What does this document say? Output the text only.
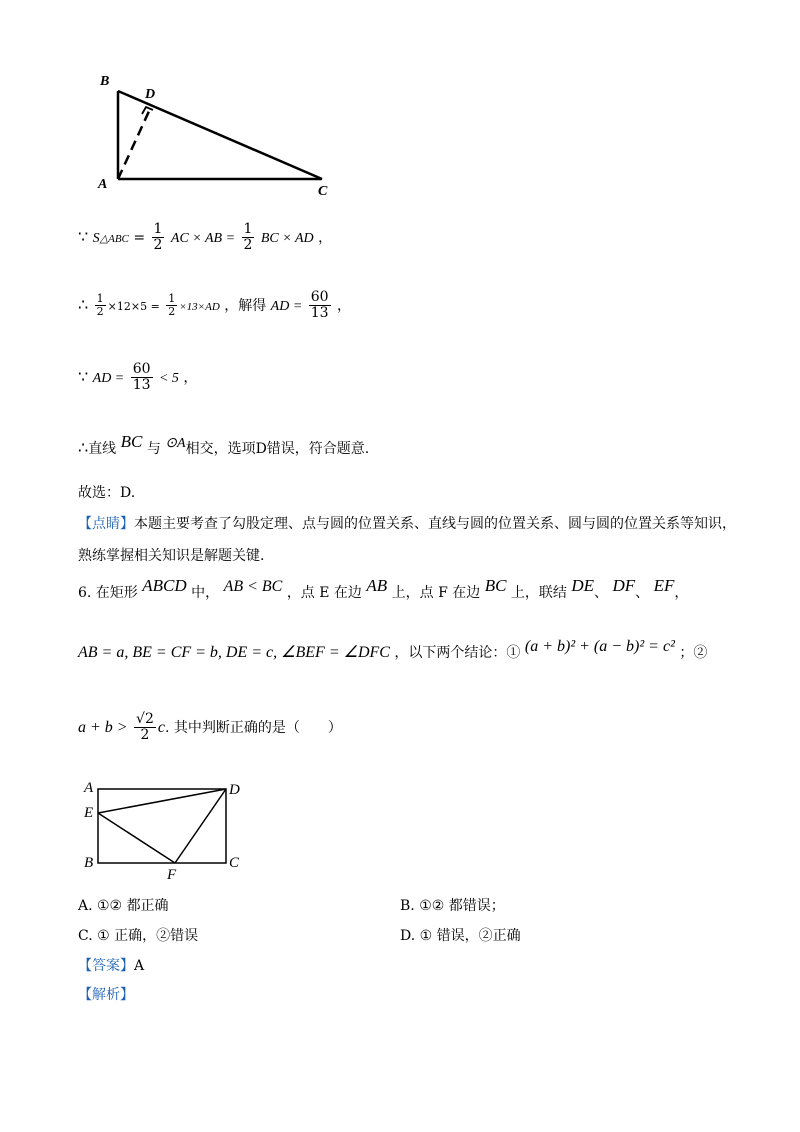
B
D
A	C
∵ S△ABC = $\frac{1}{2}$ AC × AB = $\frac{1}{2}$ BC × AD ，
∴ $\frac{1}{2} \times 12\times 5 = \frac{1}{2} \times 13\times AD$ ，解得 AD = $\frac{60}{13}$ ，
∵ AD = $\frac{60}{13} < 5$ ，
∴直线 BC 与 ⊙A相交，选项D错误，符合题意.
故选：D.
【点睛】本题主要考查了勾股定理、点与圆的位置关系、直线与圆的位置关系、圆与圆的位置关系等知识，
熟练掌握相关知识是解题关键.
6. 在矩形 ABCD 中， AB < BC ，点 E 在边 AB 上，点 F 在边 BC 上，联结 DE、 DF、 EF，
AB = a, BE = CF = b, DE = c, ∠BEF = ∠DFC ，以下两个结论：① (a + b)² + (a − b)² = c² ；②
$a + b > \frac{√2}{2} c$. 其中判断正确的是（　　）
A	D
E
B
F
C
A. ①② 都正确	B. ①② 都错误；
C. ① 正确，②错误	D. ① 错误，②正确
【答案】A
【解析】
